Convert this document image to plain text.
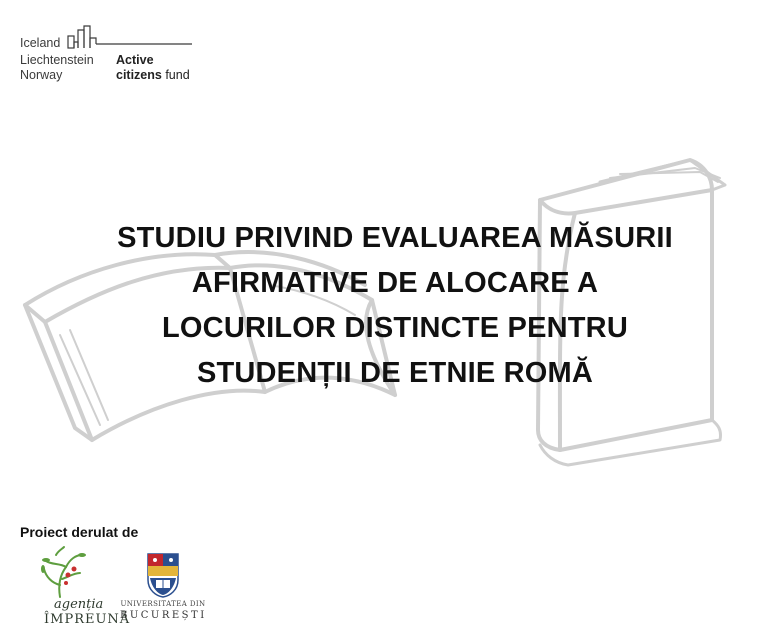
Iceland
Liechtenstein
Norway
Active
citizens fund
STUDIU PRIVIND EVALUAREA MĂSURII
AFIRMATIVE DE ALOCARE A
LOCURILOR DISTINCTE PENTRU
STUDENȚII DE ETNIE ROMĂ
Proiect derulat de
agenția
ÎMPREUNĂ
UNIVERSITATEA DIN
BUCUREȘTI
